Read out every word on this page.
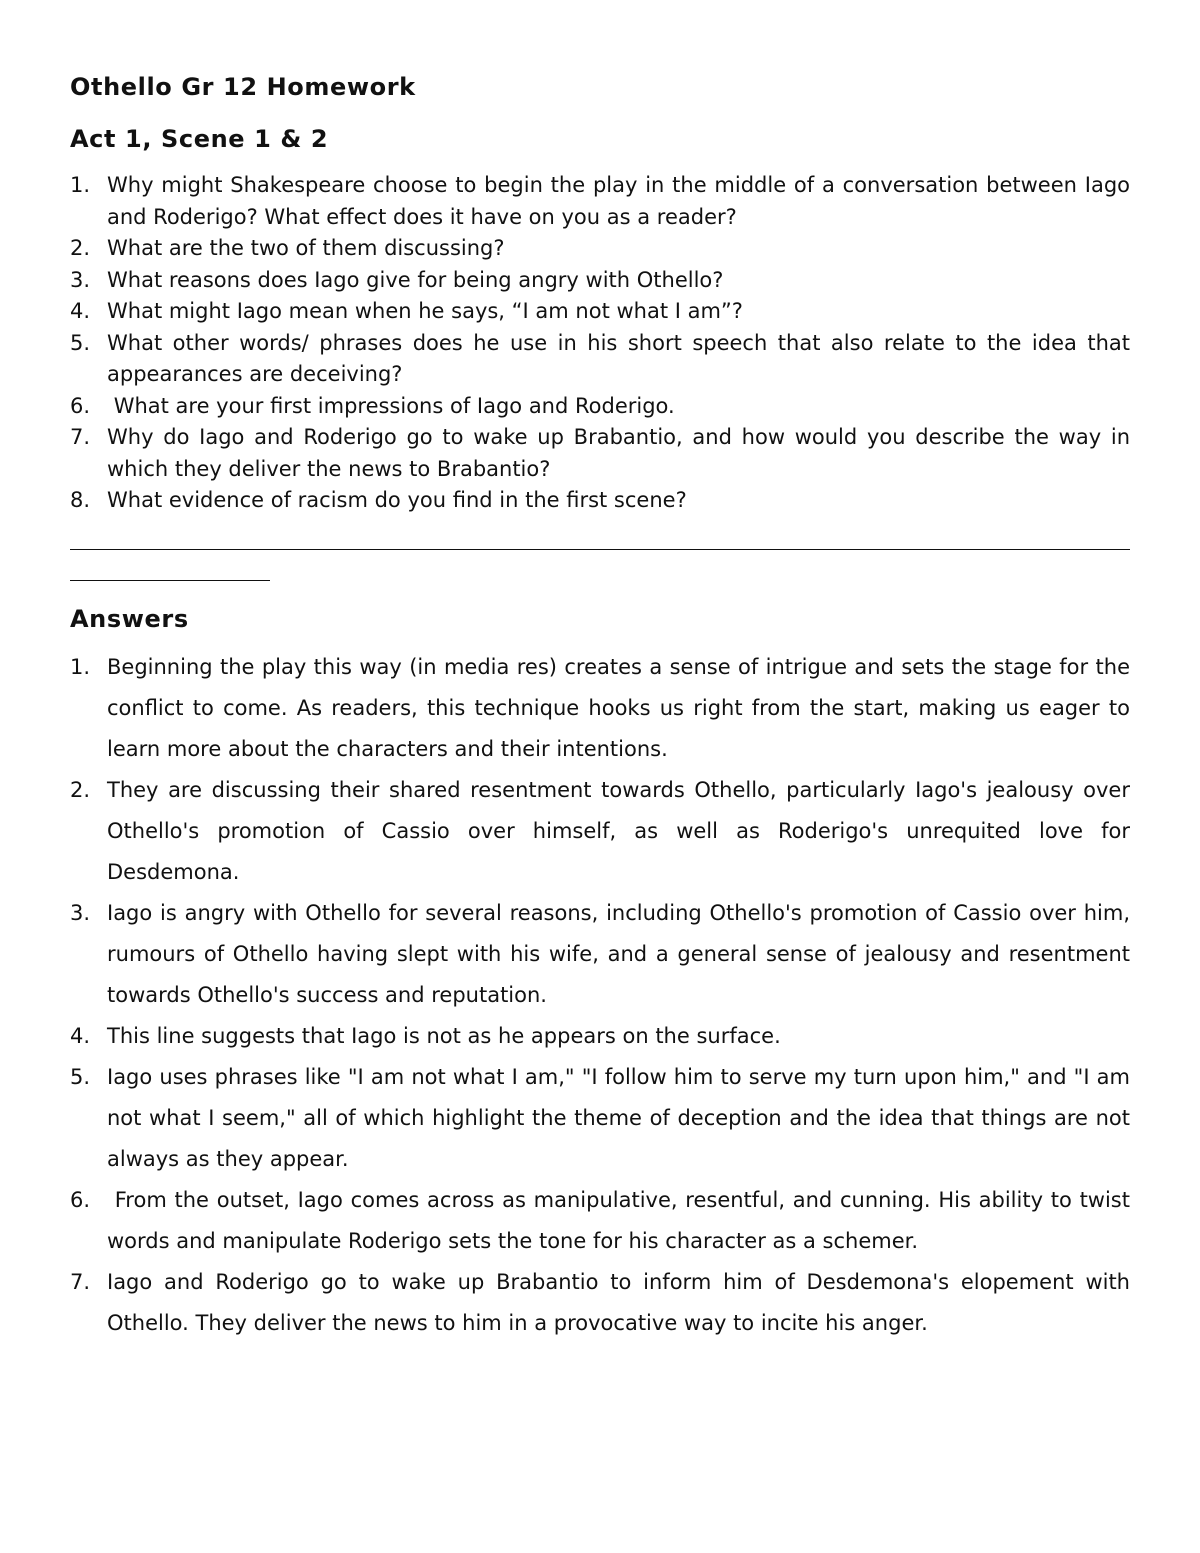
Othello Gr 12 Homework
Act 1, Scene 1 & 2
1. Why might Shakespeare choose to begin the play in the middle of a conversation between Iago and Roderigo? What effect does it have on you as a reader?
2. What are the two of them discussing?
3. What reasons does Iago give for being angry with Othello?
4. What might Iago mean when he says, “I am not what I am”?
5. What other words/ phrases does he use in his short speech that also relate to the idea that appearances are deceiving?
6. What are your first impressions of Iago and Roderigo.
7. Why do Iago and Roderigo go to wake up Brabantio, and how would you describe the way in which they deliver the news to Brabantio?
8. What evidence of racism do you find in the first scene?
Answers
1. Beginning the play this way (in media res) creates a sense of intrigue and sets the stage for the conflict to come. As readers, this technique hooks us right from the start, making us eager to learn more about the characters and their intentions.
2. They are discussing their shared resentment towards Othello, particularly Iago's jealousy over Othello's promotion of Cassio over himself, as well as Roderigo's unrequited love for Desdemona.
3. Iago is angry with Othello for several reasons, including Othello's promotion of Cassio over him, rumours of Othello having slept with his wife, and a general sense of jealousy and resentment towards Othello's success and reputation.
4. This line suggests that Iago is not as he appears on the surface.
5. Iago uses phrases like "I am not what I am," "I follow him to serve my turn upon him," and "I am not what I seem," all of which highlight the theme of deception and the idea that things are not always as they appear.
6. From the outset, Iago comes across as manipulative, resentful, and cunning. His ability to twist words and manipulate Roderigo sets the tone for his character as a schemer.
7. Iago and Roderigo go to wake up Brabantio to inform him of Desdemona's elopement with Othello. They deliver the news to him in a provocative way to incite his anger.
